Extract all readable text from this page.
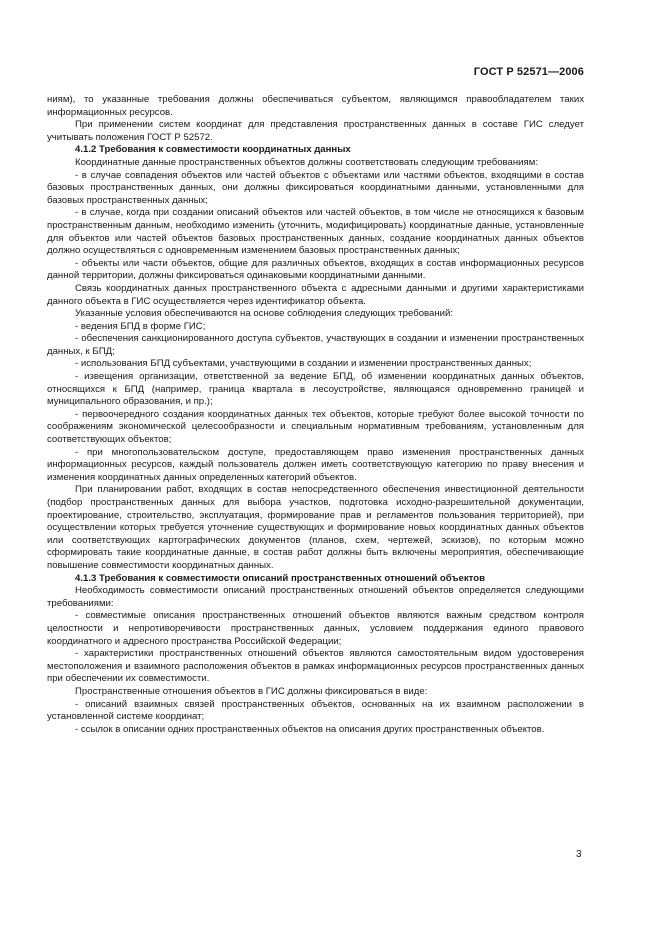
ГОСТ Р 52571—2006

ниям), то указанные требования должны обеспечиваться субъектом, являющимся правообладателем таких информационных ресурсов.

При применении систем координат для представления пространственных данных в составе ГИС следует учитывать положения ГОСТ Р 52572.

4.1.2 Требования к совместимости координатных данных

Координатные данные пространственных объектов должны соответствовать следующим требованиям:

- в случае совпадения объектов или частей объектов с объектами или частями объектов, входящими в состав базовых пространственных данных, они должны фиксироваться координатными данными, установленными для базовых пространственных данных;

- в случае, когда при создании описаний объектов или частей объектов, в том числе не относящихся к базовым пространственным данным, необходимо изменить (уточнить, модифицировать) координатные данные, установленные для объектов или частей объектов базовых пространственных данных, создание координатных данных объектов должно осуществляться с одновременным изменением базовых пространственных данных;

- объекты или части объектов, общие для различных объектов, входящих в состав информационных ресурсов данной территории, должны фиксироваться одинаковыми координатными данными.

Связь координатных данных пространственного объекта с адресными данными и другими характеристиками данного объекта в ГИС осуществляется через идентификатор объекта.

Указанные условия обеспечиваются на основе соблюдения следующих требований:

- ведения БПД в форме ГИС;

- обеспечения санкционированного доступа субъектов, участвующих в создании и изменении пространственных данных, к БПД;

- использования БПД субъектами, участвующими в создании и изменении пространственных данных;

- извещения организации, ответственной за ведение БПД, об изменении координатных данных объектов, относящихся к БПД (например, граница квартала в лесоустройстве, являющаяся одновременно границей и муниципального образования, и пр.);

- первоочередного создания координатных данных тех объектов, которые требуют более высокой точности по соображениям экономической целесообразности и специальным нормативным требованиям, установленным для соответствующих объектов;

- при многопользовательском доступе, предоставляющем право изменения пространственных данных информационных ресурсов, каждый пользователь должен иметь соответствующую категорию по праву внесения и изменения координатных данных определенных категорий объектов.

При планировании работ, входящих в состав непосредственного обеспечения инвестиционной деятельности (подбор пространственных данных для выбора участков, подготовка исходно-разрешительной документации, проектирование, строительство, эксплуатация, формирование прав и регламентов пользования территорией), при осуществлении которых требуется уточнение существующих и формирование новых координатных данных объектов или соответствующих картографических документов (планов, схем, чертежей, эскизов), по которым можно сформировать такие координатные данные, в состав работ должны быть включены мероприятия, обеспечивающие повышение совместимости координатных данных.

4.1.3 Требования к совместимости описаний пространственных отношений объектов

Необходимость совместимости описаний пространственных отношений объектов определяется следующими требованиями:

- совместимые описания пространственных отношений объектов являются важным средством контроля целостности и непротиворечивости пространственных данных, условием поддержания единого правового координатного и адресного пространства Российской Федерации;

- характеристики пространственных отношений объектов являются самостоятельным видом удостоверения местоположения и взаимного расположения объектов в рамках информационных ресурсов пространственных данных при обеспечении их совместимости.

Пространственные отношения объектов в ГИС должны фиксироваться в виде:

- описаний взаимных связей пространственных объектов, основанных на их взаимном расположении в установленной системе координат;

- ссылок в описании одних пространственных объектов на описания других пространственных объектов.

3
